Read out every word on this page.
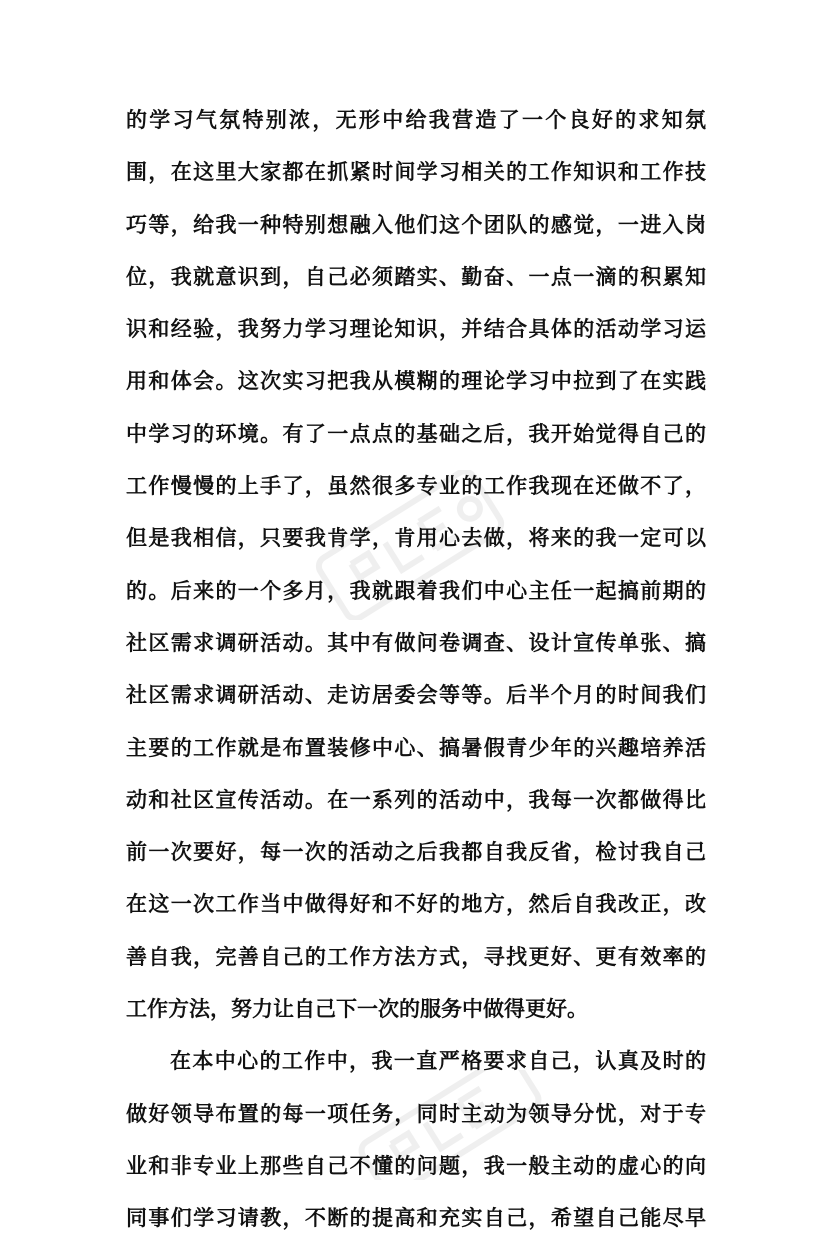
的学习气氛特别浓，无形中给我营造了一个良好的求知氛
围，在这里大家都在抓紧时间学习相关的工作知识和工作技
巧等，给我一种特别想融入他们这个团队的感觉，一进入岗
位，我就意识到，自己必须踏实、勤奋、一点一滴的积累知
识和经验，我努力学习理论知识，并结合具体的活动学习运
用和体会。这次实习把我从模糊的理论学习中拉到了在实践
中学习的环境。有了一点点的基础之后，我开始觉得自己的
工作慢慢的上手了，虽然很多专业的工作我现在还做不了，
但是我相信，只要我肯学，肯用心去做，将来的我一定可以
的。后来的一个多月，我就跟着我们中心主任一起搞前期的
社区需求调研活动。其中有做问卷调查、设计宣传单张、搞
社区需求调研活动、走访居委会等等。后半个月的时间我们
主要的工作就是布置装修中心、搞暑假青少年的兴趣培养活
动和社区宣传活动。在一系列的活动中，我每一次都做得比
前一次要好，每一次的活动之后我都自我反省，检讨我自己
在这一次工作当中做得好和不好的地方，然后自我改正，改
善自我，完善自己的工作方法方式，寻找更好、更有效率的
工作方法，努力让自己下一次的服务中做得更好。
在本中心的工作中，我一直严格要求自己，认真及时的
做好领导布置的每一项任务，同时主动为领导分忧，对于专
业和非专业上那些自己不懂的问题，我一般主动的虚心的向
同事们学习请教，不断的提高和充实自己，希望自己能尽早
